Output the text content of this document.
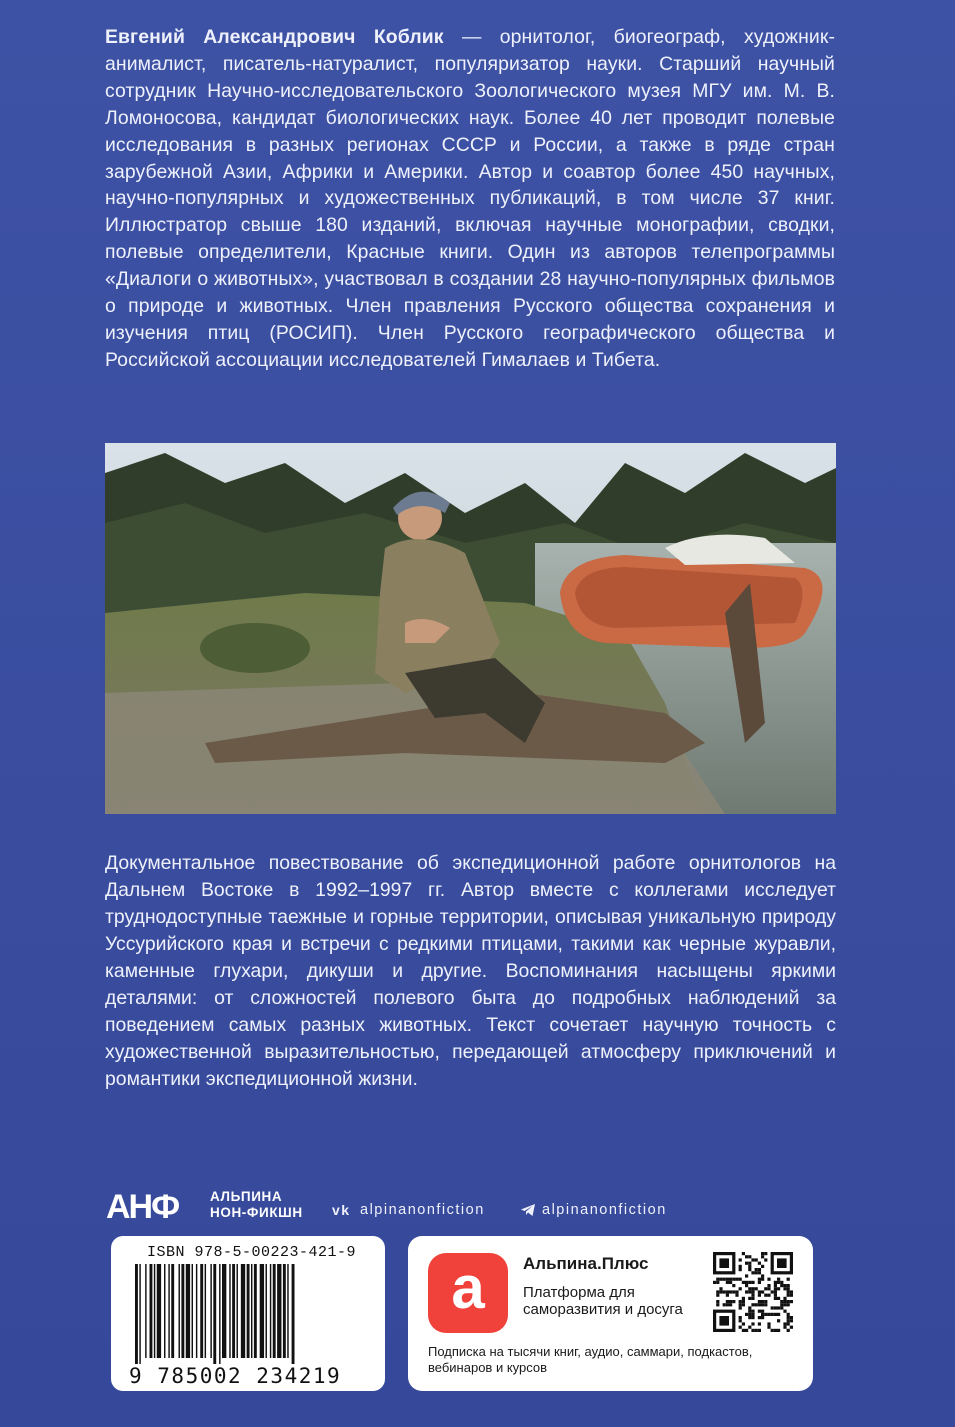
Евгений Александрович Коблик — орнитолог, биогеограф, художник-анималист, писатель-натуралист, популяризатор науки. Старший научный сотрудник Научно-исследовательского Зоологического музея МГУ им. М. В. Ломоносова, кандидат биологических наук. Более 40 лет проводит полевые исследования в разных регионах СССР и России, а также в ряде стран зарубежной Азии, Африки и Америки. Автор и соавтор более 450 научных, научно-популярных и художественных публикаций, в том числе 37 книг. Иллюстратор свыше 180 изданий, включая научные монографии, сводки, полевые определители, Красные книги. Один из авторов телепрограммы «Диалоги о животных», участвовал в создании 28 научно-популярных фильмов о природе и животных. Член правления Русского общества сохранения и изучения птиц (РОСИП). Член Русского географического общества и Российской ассоциации исследователей Гималаев и Тибета.
Документальное повествование об экспедиционной работе орнитологов на Дальнем Востоке в 1992–1997 гг. Автор вместе с коллегами исследует труднодоступные таежные и горные территории, описывая уникальную природу Уссурийского края и встречи с редкими птицами, такими как черные журавли, каменные глухари, дикуши и другие. Воспоминания насыщены яркими деталями: от сложностей полевого быта до подробных наблюдений за поведением самых разных животных. Текст сочетает научную точность с художественной выразительностью, передающей атмосферу приключений и романтики экспедиционной жизни.
АНФ АЛЬПИНА
НОН-ФИКШН vk alpinanonfiction	alpinanonfiction
ISBN 978-5-00223-421-9
9 785002 234219
a Альпина.Плюс
Платформа для саморазвития и досуга
Подписка на тысячи книг, аудио, саммари, подкастов, вебинаров и курсов
